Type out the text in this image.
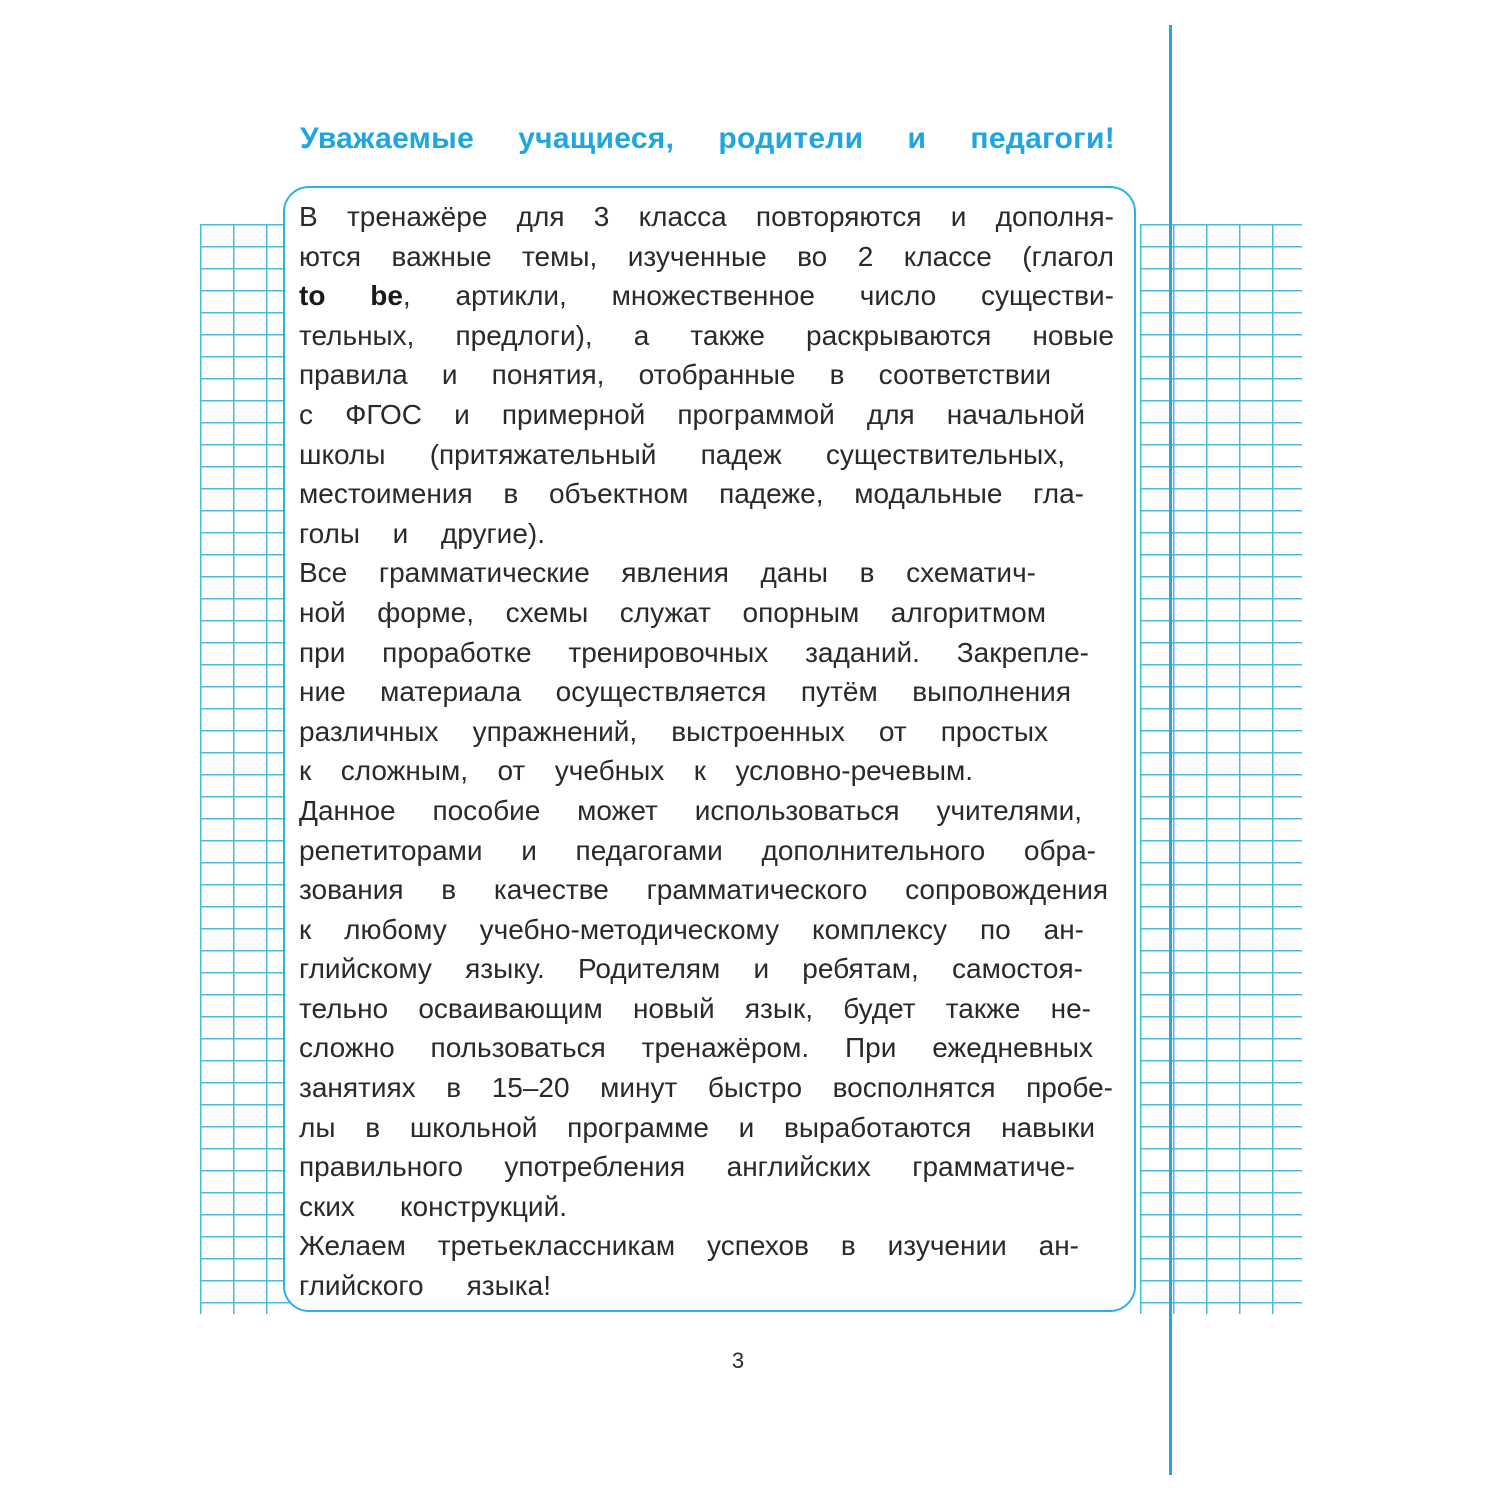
Уважаемые учащиеся, родители и педагоги!
В тренажёре для 3 класса повторяются и дополня-
ются важные темы, изученные во 2 классе (глагол
to be, артикли, множественное число существи-
тельных, предлоги), а также раскрываются новые
правила и понятия, отобранные в соответствии
с ФГОС и примерной программой для начальной
школы (притяжательный падеж существительных,
местоимения в объектном падеже, модальные гла-
голы и другие).
Все грамматические явления даны в схематич-
ной форме, схемы служат опорным алгоритмом
при проработке тренировочных заданий. Закрепле-
ние материала осуществляется путём выполнения
различных упражнений, выстроенных от простых
к сложным, от учебных к условно-речевым.
Данное пособие может использоваться учителями,
репетиторами и педагогами дополнительного обра-
зования в качестве грамматического сопровождения
к любому учебно-методическому комплексу по ан-
глийскому языку. Родителям и ребятам, самостоя-
тельно осваивающим новый язык, будет также не-
сложно пользоваться тренажёром. При ежедневных
занятиях в 15–20 минут быстро восполнятся пробе-
лы в школьной программе и выработаются навыки
правильного употребления английских грамматиче-
ских конструкций.
Желаем третьеклассникам успехов в изучении ан-
глийского языка!
3
